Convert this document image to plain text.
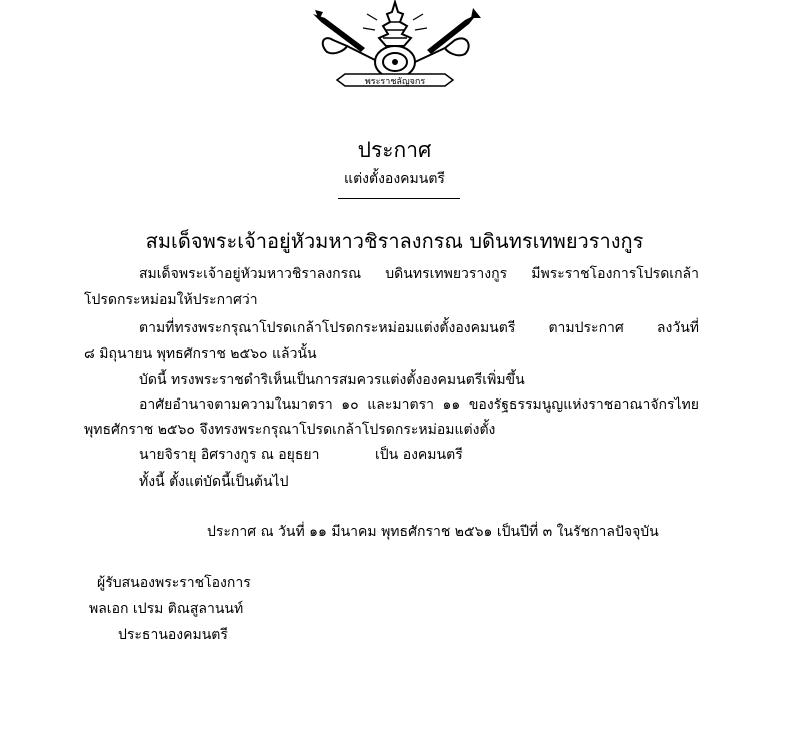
พระราชลัญจกร
ประกาศ
แต่งตั้งองคมนตรี
สมเด็จพระเจ้าอยู่หัวมหาวชิราลงกรณ บดินทรเทพยวรางกูร
สมเด็จพระเจ้าอยู่หัวมหาวชิราลงกรณ บดินทรเทพยวรางกูร มีพระราชโองการโปรดเกล้า
โปรดกระหม่อมให้ประกาศว่า
ตามที่ทรงพระกรุณาโปรดเกล้าโปรดกระหม่อมแต่งตั้งองคมนตรี ตามประกาศ ลงวันที่
๘ มิถุนายน พุทธศักราช ๒๕๖๐ แล้วนั้น
บัดนี้ ทรงพระราชดำริเห็นเป็นการสมควรแต่งตั้งองคมนตรีเพิ่มขึ้น
อาศัยอำนาจตามความในมาตรา ๑๐ และมาตรา ๑๑ ของรัฐธรรมนูญแห่งราชอาณาจักรไทย
พุทธศักราช ๒๕๖๐ จึงทรงพระกรุณาโปรดเกล้าโปรดกระหม่อมแต่งตั้ง
นายจิรายุ อิศรางกูร ณ อยุธยา	เป็น องคมนตรี
ทั้งนี้ ตั้งแต่บัดนี้เป็นต้นไป
ประกาศ ณ วันที่ ๑๑ มีนาคม พุทธศักราช ๒๕๖๑ เป็นปีที่ ๓ ในรัชกาลปัจจุบัน
ผู้รับสนองพระราชโองการ
พลเอก เปรม ติณสูลานนท์
ประธานองคมนตรี
